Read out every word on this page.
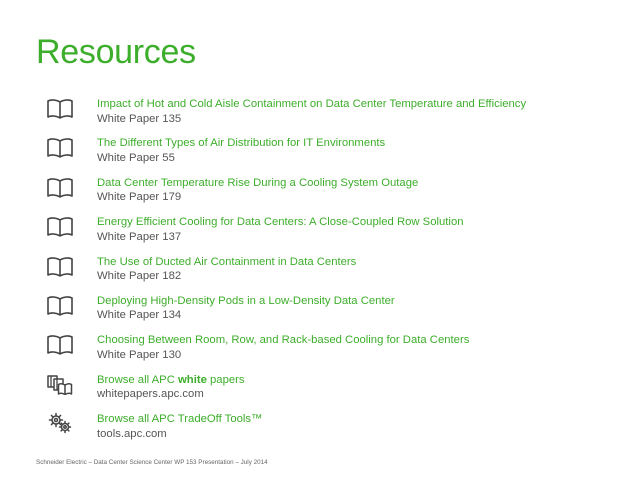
Resources
Impact of Hot and Cold Aisle Containment on Data Center Temperature and Efficiency
White Paper 135
The Different Types of Air Distribution for IT Environments
White Paper 55
Data Center Temperature Rise During a Cooling System Outage
White Paper 179
Energy Efficient Cooling for Data Centers: A Close-Coupled Row Solution
White Paper 137
The Use of Ducted Air Containment in Data Centers
White Paper 182
Deploying High-Density Pods in a Low-Density Data Center
White Paper 134
Choosing Between Room, Row, and Rack-based Cooling for Data Centers
White Paper 130
Browse all APC white papers
whitepapers.apc.com
Browse all APC TradeOff Tools™
tools.apc.com
Schneider Electric – Data Center Science Center WP 153 Presentation – July 2014
